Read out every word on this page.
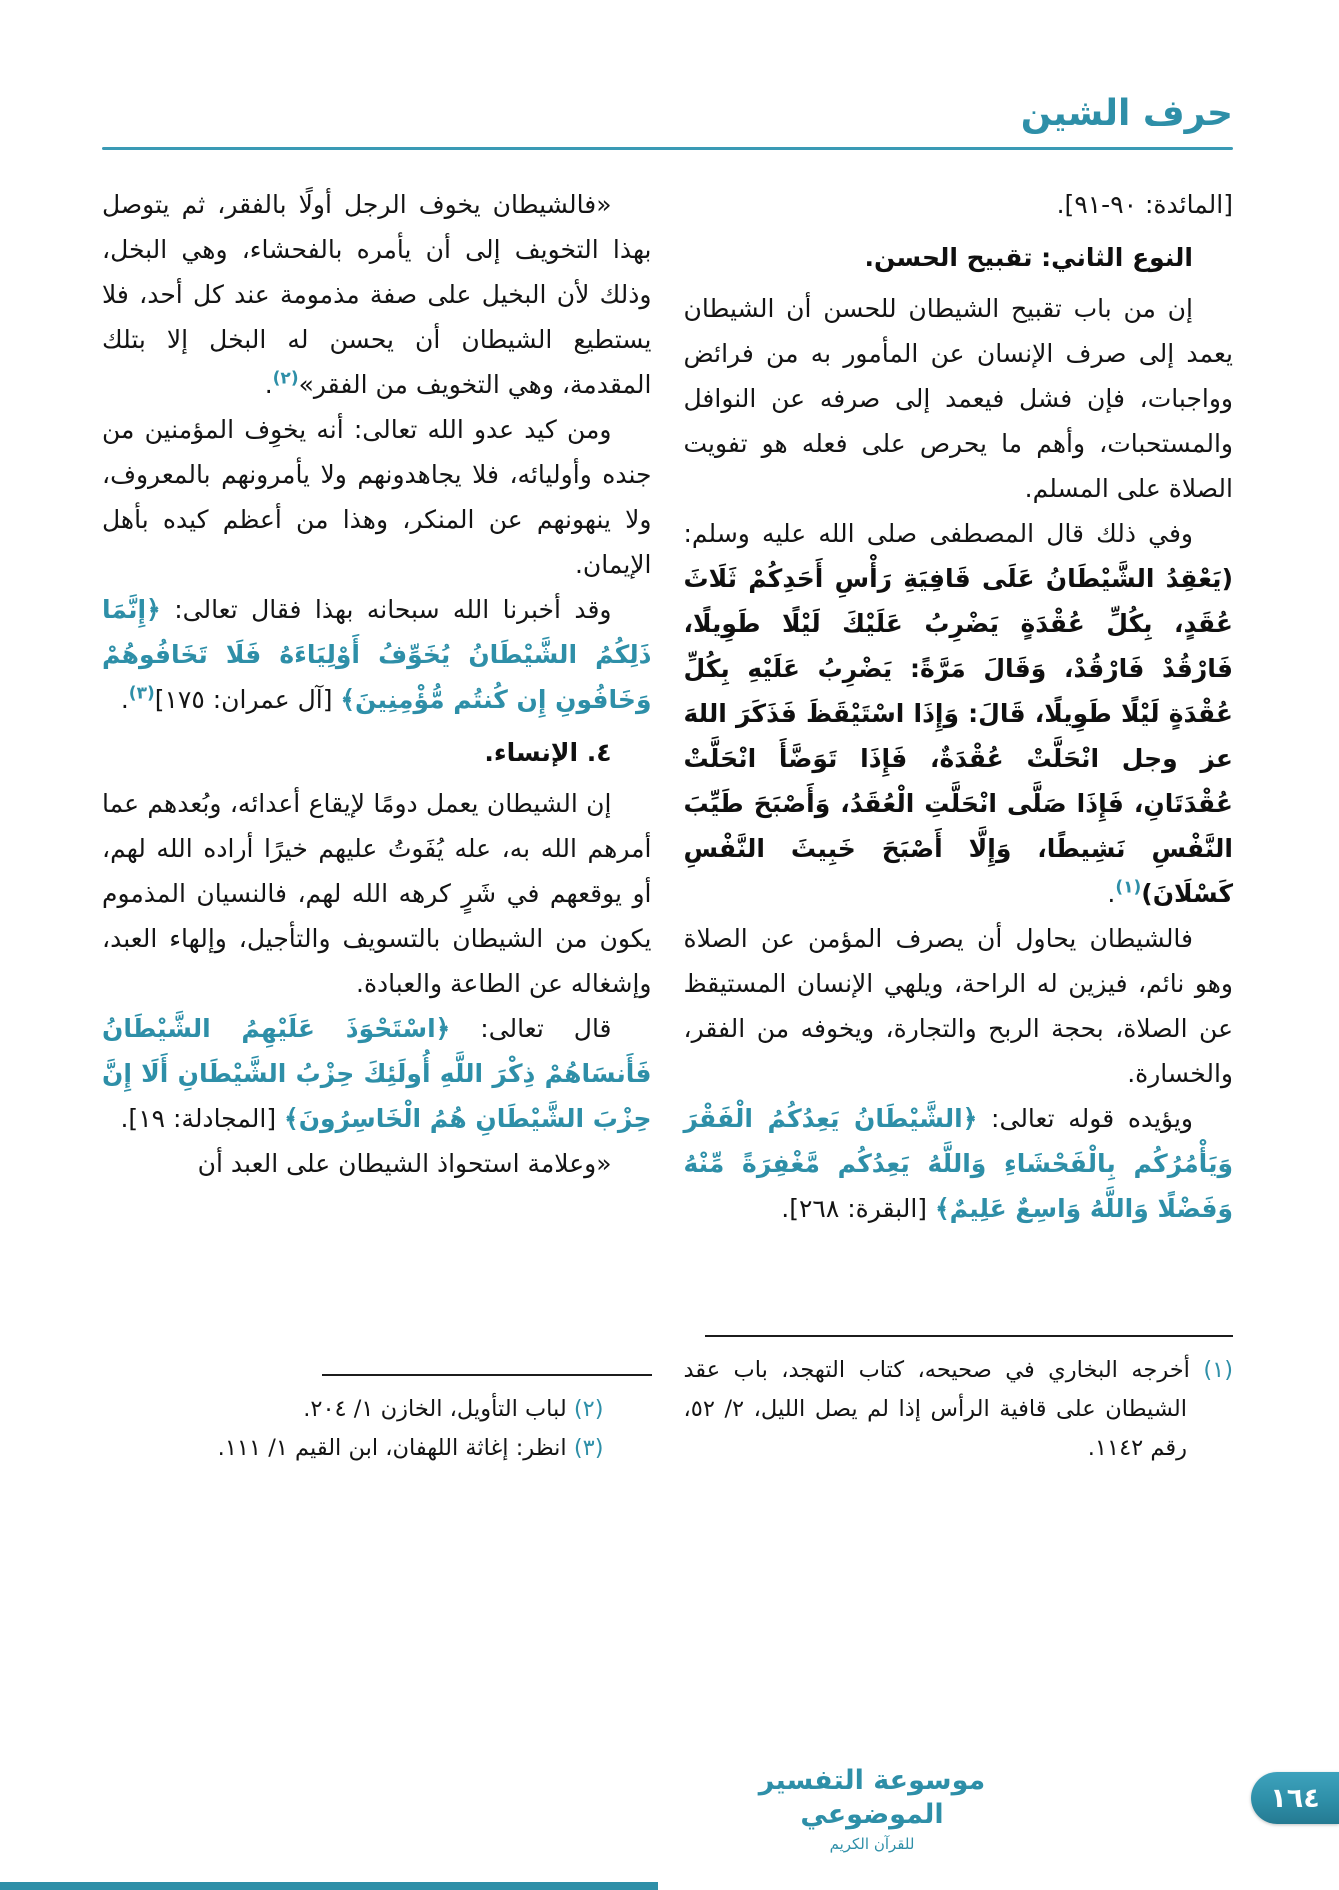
حرف الشين

[المائدة: ٩٠-٩١].

النوع الثاني: تقبيح الحسن.

إن من باب تقبيح الشيطان للحسن أن الشيطان يعمد إلى صرف الإنسان عن المأمور به من فرائض وواجبات، فإن فشل فيعمد إلى صرفه عن النوافل والمستحبات، وأهم ما يحرص على فعله هو تفويت الصلاة على المسلم.

وفي ذلك قال المصطفى صلى الله عليه وسلم: (يَعْقِدُ الشَّيْطَانُ عَلَى قَافِيَةِ رَأْسِ أَحَدِكُمْ ثَلَاثَ عُقَدٍ، بِكُلِّ عُقْدَةٍ يَضْرِبُ عَلَيْكَ لَيْلًا طَوِيلًا، فَارْقُدْ فَارْقُدْ، وَقَالَ مَرَّةً: يَضْرِبُ عَلَيْهِ بِكُلِّ عُقْدَةٍ لَيْلًا طَوِيلًا، قَالَ: وَإِذَا اسْتَيْقَظَ فَذَكَرَ اللهَ عز وجل انْحَلَّتْ عُقْدَةٌ، فَإِذَا تَوَضَّأَ انْحَلَّتْ عُقْدَتَانِ، فَإِذَا صَلَّى انْحَلَّتِ الْعُقَدُ، وَأَصْبَحَ طَيِّبَ النَّفْسِ نَشِيطًا، وَإِلَّا أَصْبَحَ خَبِيثَ النَّفْسِ كَسْلَانَ)$^{(١)}$.

فالشيطان يحاول أن يصرف المؤمن عن الصلاة وهو نائم، فيزين له الراحة، ويلهي الإنسان المستيقظ عن الصلاة، بحجة الربح والتجارة، ويخوفه من الفقر، والخسارة.

ويؤيده قوله تعالى: ﴿الشَّيْطَانُ يَعِدُكُمُ الْفَقْرَ وَيَأْمُرُكُم بِالْفَحْشَاءِ وَاللَّهُ يَعِدُكُم مَّغْفِرَةً مِّنْهُ وَفَضْلًا وَاللَّهُ وَاسِعٌ عَلِيمٌ﴾ [البقرة: ٢٦٨].

(١) أخرجه البخاري في صحيحه، كتاب التهجد، باب عقد الشيطان على قافية الرأس إذا لم يصل الليل، ٢/ ٥٢، رقم ١١٤٢.

«فالشيطان يخوف الرجل أولًا بالفقر، ثم يتوصل بهذا التخويف إلى أن يأمره بالفحشاء، وهي البخل، وذلك لأن البخيل على صفة مذمومة عند كل أحد، فلا يستطيع الشيطان أن يحسن له البخل إلا بتلك المقدمة، وهي التخويف من الفقر»$^{(٢)}$.

ومن كيد عدو الله تعالى: أنه يخوِف المؤمنين من جنده وأوليائه، فلا يجاهدونهم ولا يأمرونهم بالمعروف، ولا ينهونهم عن المنكر، وهذا من أعظم كيده بأهل الإيمان.

وقد أخبرنا الله سبحانه بهذا فقال تعالى: ﴿إِنَّمَا ذَلِكُمُ الشَّيْطَانُ يُخَوِّفُ أَوْلِيَاءَهُ فَلَا تَخَافُوهُمْ وَخَافُونِ إِن كُنتُم مُّؤْمِنِينَ﴾ [آل عمران: ١٧٥]$^{(٣)}$.

٤. الإنساء.

إن الشيطان يعمل دومًا لإيقاع أعدائه، وبُعدهم عما أمرهم الله به، عله يُفَوتُ عليهم خيرًا أراده الله لهم، أو يوقعهم في شَرٍ كرهه الله لهم، فالنسيان المذموم يكون من الشيطان بالتسويف والتأجيل، وإلهاء العبد، وإشغاله عن الطاعة والعبادة.

قال تعالى: ﴿اسْتَحْوَذَ عَلَيْهِمُ الشَّيْطَانُ فَأَنسَاهُمْ ذِكْرَ اللَّهِ أُولَئِكَ حِزْبُ الشَّيْطَانِ أَلَا إِنَّ حِزْبَ الشَّيْطَانِ هُمُ الْخَاسِرُونَ﴾ [المجادلة: ١٩].

«وعلامة استحواذ الشيطان على العبد أن

(٢) لباب التأويل، الخازن ١/ ٢٠٤.
(٣) انظر: إغاثة اللهفان، ابن القيم ١/ ١١١.
موسوعة التفسير الموضوعي
للقرآن الكريم
١٦٤
